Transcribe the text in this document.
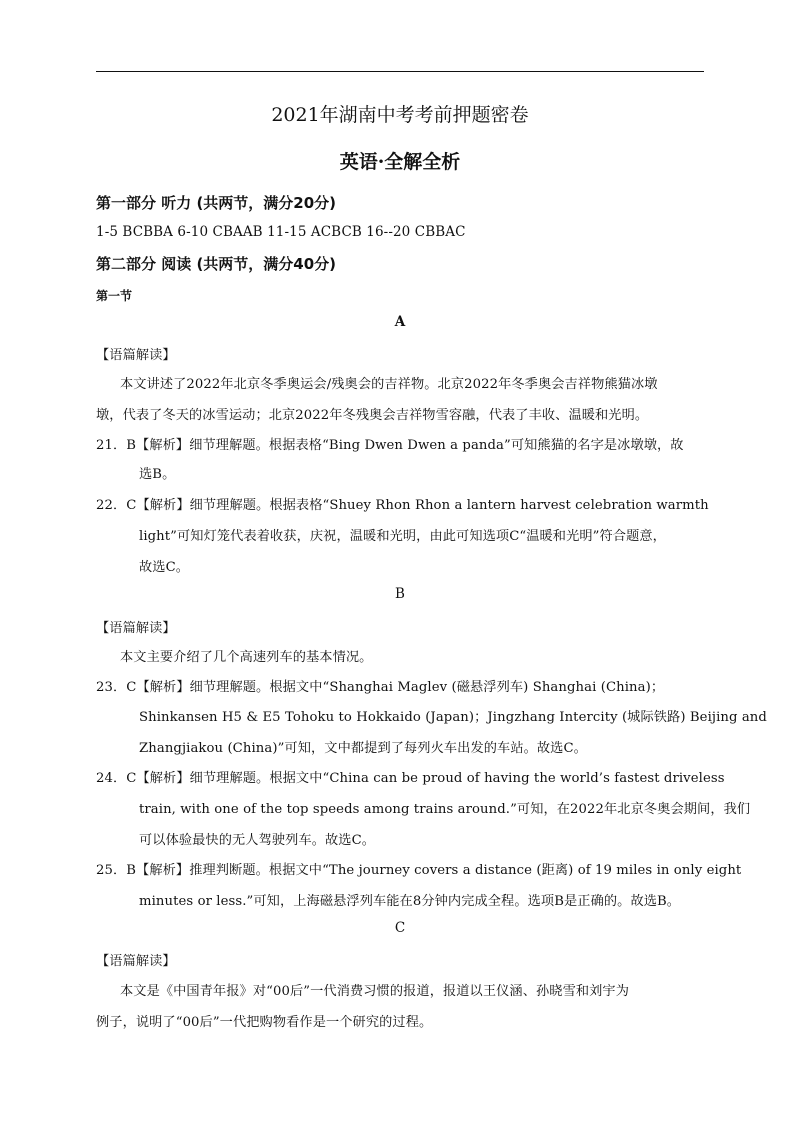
2021年湖南中考考前押题密卷
英语·全解全析
第一部分 听力 (共两节，满分20分)
1-5 BCBBA 6-10 CBAAB 11-15 ACBCB 16--20 CBBAC
第二部分 阅读 (共两节，满分40分)
第一节
A
【语篇解读】
本文讲述了2022年北京冬季奥运会/残奥会的吉祥物。北京2022年冬季奥会吉祥物熊猫冰墩
墩，代表了冬天的冰雪运动；北京2022年冬残奥会吉祥物雪容融，代表了丰收、温暖和光明。
21．B【解析】细节理解题。根据表格“Bing Dwen Dwen a panda”可知熊猫的名字是冰墩墩，故
选B。
22．C【解析】细节理解题。根据表格“Shuey Rhon Rhon a lantern harvest celebration warmth
light”可知灯笼代表着收获，庆祝，温暖和光明，由此可知选项C“温暖和光明”符合题意，
故选C。
B
【语篇解读】
本文主要介绍了几个高速列车的基本情况。
23．C【解析】细节理解题。根据文中“Shanghai Maglev (磁悬浮列车) Shanghai (China)；
Shinkansen H5 & E5 Tohoku to Hokkaido (Japan)；Jingzhang Intercity (城际铁路) Beijing and
Zhangjiakou (China)”可知，文中都提到了每列火车出发的车站。故选C。
24．C【解析】细节理解题。根据文中“China can be proud of having the world’s fastest driveless
train, with one of the top speeds among trains around.”可知，在2022年北京冬奥会期间，我们
可以体验最快的无人驾驶列车。故选C。
25．B【解析】推理判断题。根据文中“The journey covers a distance (距离) of 19 miles in only eight
minutes or less.”可知，上海磁悬浮列车能在8分钟内完成全程。选项B是正确的。故选B。
C
【语篇解读】
本文是《中国青年报》对“00后”一代消费习惯的报道，报道以王仪涵、孙晓雪和刘宇为
例子，说明了“00后”一代把购物看作是一个研究的过程。
